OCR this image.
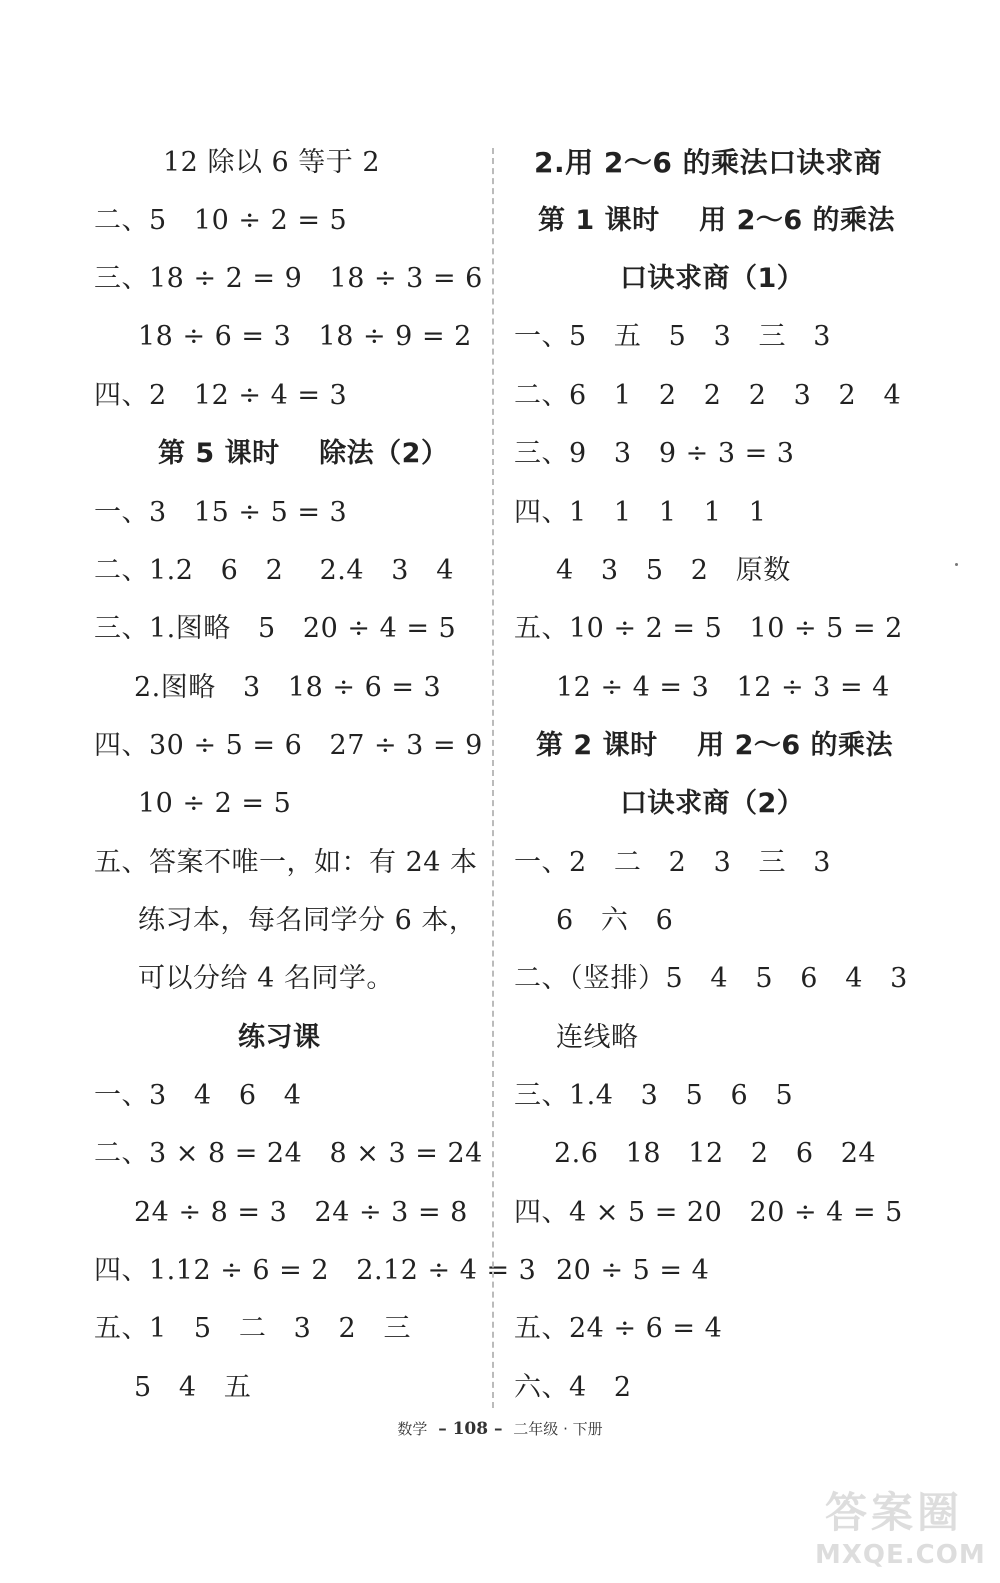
12 除以 6 等于 2
二、5   10 ÷ 2 = 5
三、18 ÷ 2 = 9   18 ÷ 3 = 6
18 ÷ 6 = 3   18 ÷ 9 = 2
四、2   12 ÷ 4 = 3
第 5 课时    除法（2）
一、3   15 ÷ 5 = 3
二、1.2   6   2    2.4   3   4
三、1.图略   5   20 ÷ 4 = 5
2.图略   3   18 ÷ 6 = 3
四、30 ÷ 5 = 6   27 ÷ 3 = 9
10 ÷ 2 = 5
五、答案不唯一，如：有 24 本
练习本，每名同学分 6 本，
可以分给 4 名同学。
练习课
一、3   4   6   4
二、3 × 8 = 24   8 × 3 = 24
24 ÷ 8 = 3   24 ÷ 3 = 8
四、1.12 ÷ 6 = 2   2.12 ÷ 4 = 3
五、1   5   二   3   2   三
5   4   五
2.用 2～6 的乘法口诀求商
第 1 课时    用 2～6 的乘法
口诀求商（1）
一、5   五   5   3   三   3
二、6   1   2   2   2   3   2   4
三、9   3   9 ÷ 3 = 3
四、1   1   1   1   1
4   3   5   2   原数
五、10 ÷ 2 = 5   10 ÷ 5 = 2
12 ÷ 4 = 3   12 ÷ 3 = 4
第 2 课时    用 2～6 的乘法
口诀求商（2）
一、2   二   2   3   三   3
6   六   6
二、（竖排）5   4   5   6   4   3
连线略
三、1.4   3   5   6   5
2.6   18   12   2   6   24
四、4 × 5 = 20   20 ÷ 4 = 5
20 ÷ 5 = 4
五、24 ÷ 6 = 4
六、4   2
数学 – 108 – 二年级 · 下册
答案圈
MXQE.COM
